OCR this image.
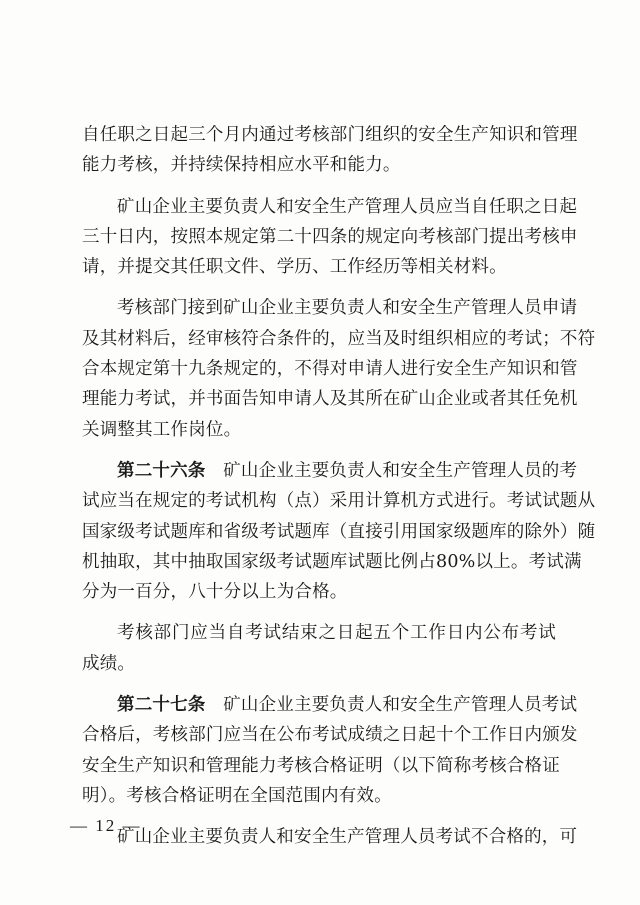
自任职之日起三个月内通过考核部门组织的安全生产知识和管理
能力考核，并持续保持相应水平和能力。
矿山企业主要负责人和安全生产管理人员应当自任职之日起
三十日内，按照本规定第二十四条的规定向考核部门提出考核申
请，并提交其任职文件、学历、工作经历等相关材料。
考核部门接到矿山企业主要负责人和安全生产管理人员申请
及其材料后，经审核符合条件的，应当及时组织相应的考试；不符
合本规定第十九条规定的，不得对申请人进行安全生产知识和管
理能力考试，并书面告知申请人及其所在矿山企业或者其任免机
关调整其工作岗位。
第二十六条　 矿山企业主要负责人和安全生产管理人员的考
试应当在规定的考试机构（点）采用计算机方式进行。考试试题从
国家级考试题库和省级考试题库（直接引用国家级题库的除外）随
机抽取，其中抽取国家级考试题库试题比例占80%以上。考试满
分为一百分，八十分以上为合格。
考核部门应当自考试结束之日起五个工作日内公布考试
成绩。
第二十七条　 矿山企业主要负责人和安全生产管理人员考试
合格后，考核部门应当在公布考试成绩之日起十个工作日内颁发
安全生产知识和管理能力考核合格证明（以下简称考核合格证
明）。考核合格证明在全国范围内有效。
矿山企业主要负责人和安全生产管理人员考试不合格的，可
— 12 —
